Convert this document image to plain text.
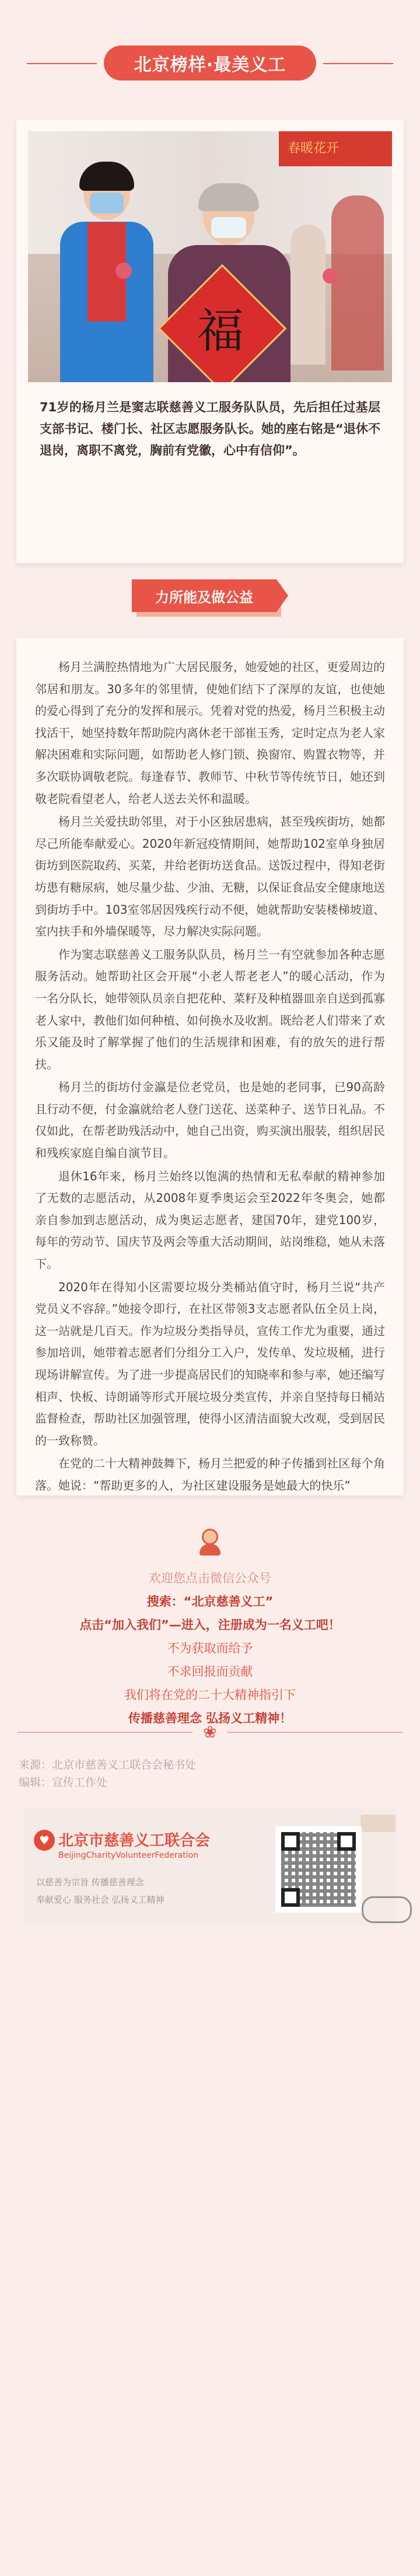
北京榜样·最美义工
春暖花开
福
71岁的杨月兰是窦志联慈善义工服务队队员，先后担任过基层支部书记、楼门长、社区志愿服务队长。她的座右铭是“退休不退岗，离职不离党，胸前有党徽，心中有信仰”。
力所能及做公益

杨月兰满腔热情地为广大居民服务，她爱她的社区，更爱周边的邻居和朋友。30多年的邻里情，使她们结下了深厚的友谊，也使她的爱心得到了充分的发挥和展示。凭着对党的热爱，杨月兰积极主动找活干，她坚持数年帮助院内离休老干部崔玉秀，定时定点为老人家解决困难和实际问题，如帮助老人修门锁、换窗帘、购置衣物等，并多次联协调敬老院。每逢春节、教师节、中秋节等传统节日，她还到敬老院看望老人，给老人送去关怀和温暖。

杨月兰关爱扶助邻里，对于小区独居患病，甚至残疾街坊，她都尽己所能奉献爱心。2020年新冠疫情期间，她帮助102室单身独居街坊到医院取药、买菜，并给老街坊送食品。送饭过程中，得知老街坊患有糖尿病，她尽量少盐、少油、无糖，以保证食品安全健康地送到街坊手中。103室邻居因残疾行动不便，她就帮助安装楼梯坡道、室内扶手和外墙保暖等，尽力解决实际问题。

作为窦志联慈善义工服务队队员，杨月兰一有空就参加各种志愿服务活动。她帮助社区会开展“小老人帮老老人”的暖心活动，作为一名分队长，她带领队员亲自把花种、菜籽及种植器皿亲自送到孤寡老人家中，教他们如何种植、如何换水及收割。既给老人们带来了欢乐又能及时了解掌握了他们的生活规律和困难，有的放矢的进行帮扶。

杨月兰的街坊付金瀛是位老党员，也是她的老同事，已90高龄且行动不便，付金瀛就给老人登门送花、送菜种子、送节日礼品。不仅如此，在帮老助残活动中，她自己出资，购买演出服装，组织居民和残疾家庭自编自演节目。

退休16年来，杨月兰始终以饱满的热情和无私奉献的精神参加了无数的志愿活动，从2008年夏季奥运会至2022年冬奥会，她都亲自参加到志愿活动，成为奥运志愿者，建国70年，建党100岁，每年的劳动节、国庆节及两会等重大活动期间，站岗维稳，她从未落下。

2020年在得知小区需要垃圾分类桶站值守时，杨月兰说“共产党员义不容辞。”她接令即行，在社区带领3支志愿者队伍全员上岗，这一站就是几百天。作为垃圾分类指导员，宣传工作尤为重要，通过参加培训，她带着志愿者们分组分工入户，发传单、发垃圾桶，进行现场讲解宣传。为了进一步提高居民们的知晓率和参与率，她还编写相声、快板、诗朗诵等形式开展垃圾分类宣传，并亲自坚持每日桶站监督检查，帮助社区加强管理，使得小区清洁面貌大改观，受到居民的一致称赞。

在党的二十大精神鼓舞下，杨月兰把爱的种子传播到社区每个角落。她说：“帮助更多的人，为社区建设服务是她最大的快乐”

欢迎您点击微信公众号
搜索：“北京慈善义工”
点击“加入我们”—进入，注册成为一名义工吧！
不为获取而给予
不求回报而贡献
我们将在党的二十大精神指引下
传播慈善理念 弘扬义工精神！
❀
来源：北京市慈善义工联合会秘书处
编辑：宣传工作处
♥ 北京市慈善义工联合会
BeijingCharityVolunteerFederation
以慈善为宗旨 传播慈善理念
奉献爱心 服务社会 弘扬义工精神
